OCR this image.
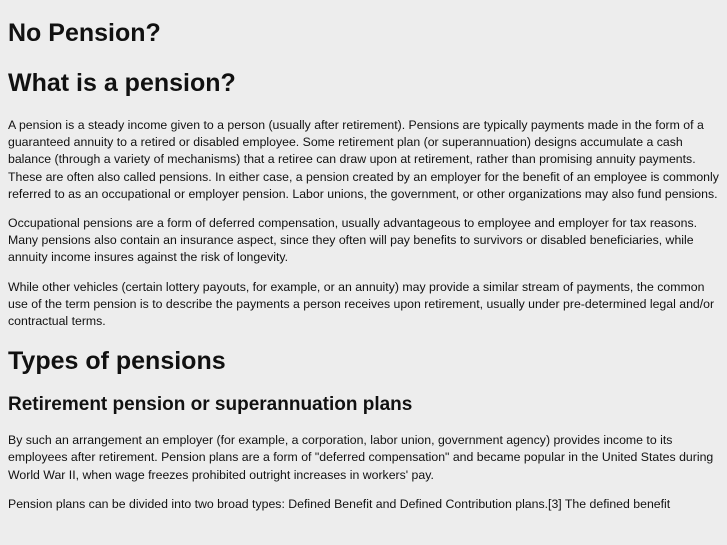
No Pension?
What is a pension?

A pension is a steady income given to a person (usually after retirement). Pensions are typically payments made in the form of a guaranteed annuity to a retired or disabled employee. Some retirement plan (or superannuation) designs accumulate a cash balance (through a variety of mechanisms) that a retiree can draw upon at retirement, rather than promising annuity payments. These are often also called pensions. In either case, a pension created by an employer for the benefit of an employee is commonly referred to as an occupational or employer pension. Labor unions, the government, or other organizations may also fund pensions.

Occupational pensions are a form of deferred compensation, usually advantageous to employee and employer for tax reasons. Many pensions also contain an insurance aspect, since they often will pay benefits to survivors or disabled beneficiaries, while annuity income insures against the risk of longevity.

While other vehicles (certain lottery payouts, for example, or an annuity) may provide a similar stream of payments, the common use of the term pension is to describe the payments a person receives upon retirement, usually under pre-determined legal and/or contractual terms.

Types of pensions
Retirement pension or superannuation plans

By such an arrangement an employer (for example, a corporation, labor union, government agency) provides income to its employees after retirement. Pension plans are a form of "deferred compensation" and became popular in the United States during World War II, when wage freezes prohibited outright increases in workers' pay.

Pension plans can be divided into two broad types: Defined Benefit and Defined Contribution plans.[3] The defined benefit
